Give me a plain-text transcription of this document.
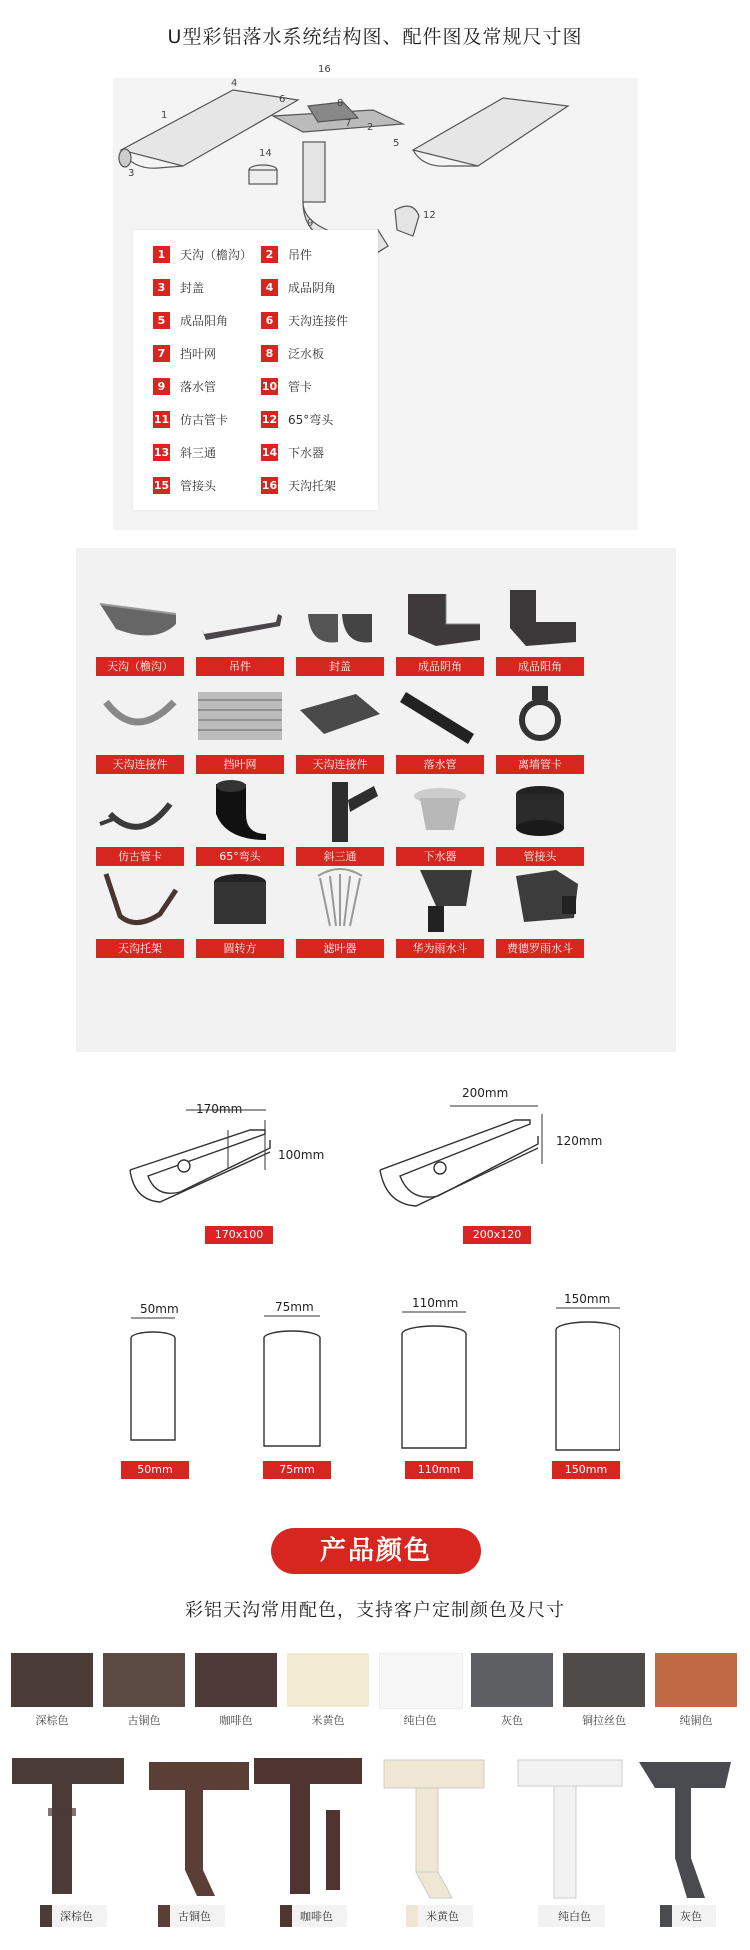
U型彩铝落水系统结构图、配件图及常规尺寸图
16
4
1
6	8
7 2
5
3
14
12
9
1	天沟（檐沟）	2	吊件
3	封盖	4	成品阴角
5	成品阳角	6	天沟连接件
7	挡叶网	8	泛水板
9	落水管	10 管卡
11 仿古管卡	12 65°弯头
13 斜三通	14 下水器
15 管接头	16 天沟托架
天沟（檐沟）	吊件	封盖	成品阴角	成品阳角
天沟连接件	挡叶网	天沟连接件	落水管	离墙管卡
仿古管卡	65°弯头	斜三通	下水器	管接头
天沟托架	圆转方	滤叶器	华为雨水斗	费德罗雨水斗
170mm
100mm
170x100
200mm
120mm
200x120
50mm	75mm	110mm	150mm
50mm	75mm	110mm	150mm
产品颜色
彩铝天沟常用配色，支持客户定制颜色及尺寸
深棕色	古铜色	咖啡色	米黄色	纯白色	灰色	铜拉丝色	纯铜色
深棕色	古铜色	咖啡色	米黄色	纯白色	灰色
